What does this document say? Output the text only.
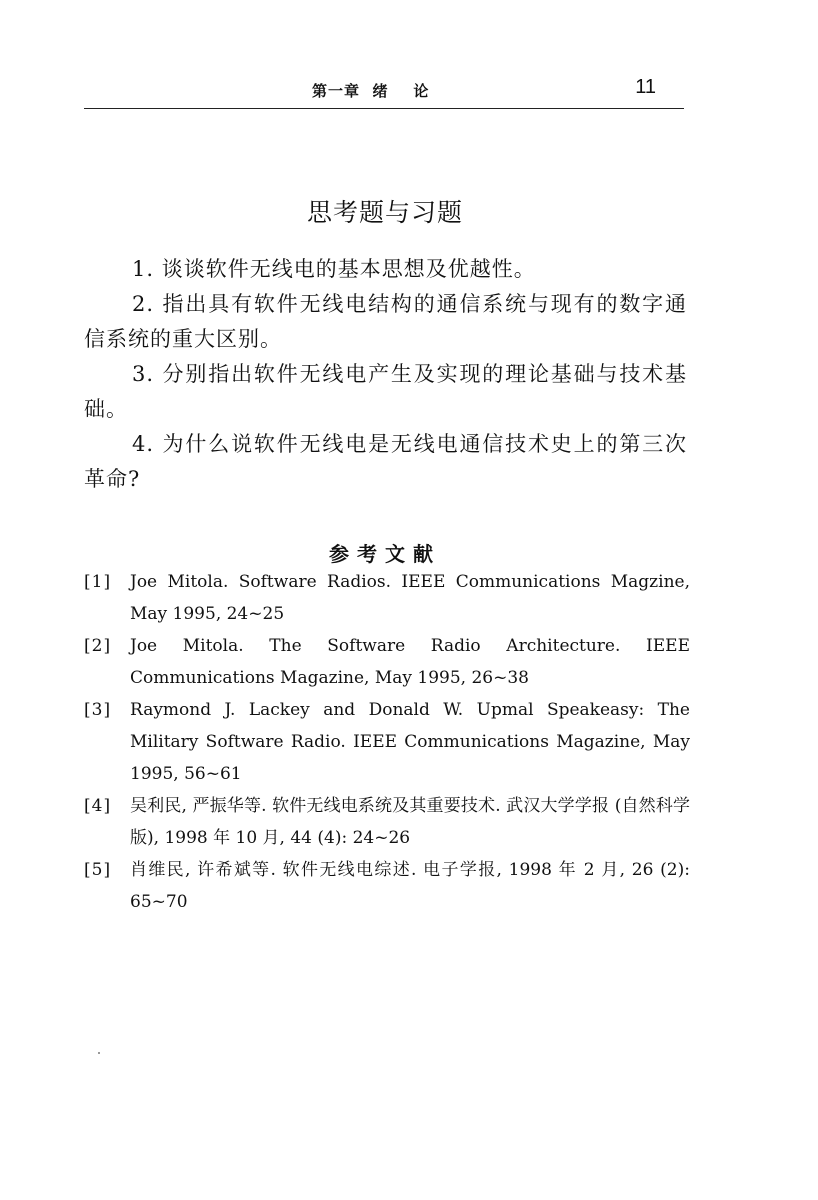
第一章  绪    论	11
思考题与习题

1. 谈谈软件无线电的基本思想及优越性。

2. 指出具有软件无线电结构的通信系统与现有的数字通信系统的重大区别。

3. 分别指出软件无线电产生及实现的理论基础与技术基础。

4. 为什么说软件无线电是无线电通信技术史上的第三次革命?

参考文献

[1] Joe Mitola. Software Radios. IEEE Communications Magzine, May 1995, 24~25

[2] Joe Mitola. The Software Radio Architecture. IEEE Communications Magazine, May 1995, 26~38

[3] Raymond J. Lackey and Donald W. Upmal Speakeasy: The Military Software Radio. IEEE Communications Magazine, May 1995, 56~61

[4] 吴利民, 严振华等. 软件无线电系统及其重要技术. 武汉大学学报 (自然科学版), 1998 年 10 月, 44 (4): 24~26

[5] 肖维民, 许希斌等. 软件无线电综述. 电子学报, 1998 年 2 月, 26 (2): 65~70
